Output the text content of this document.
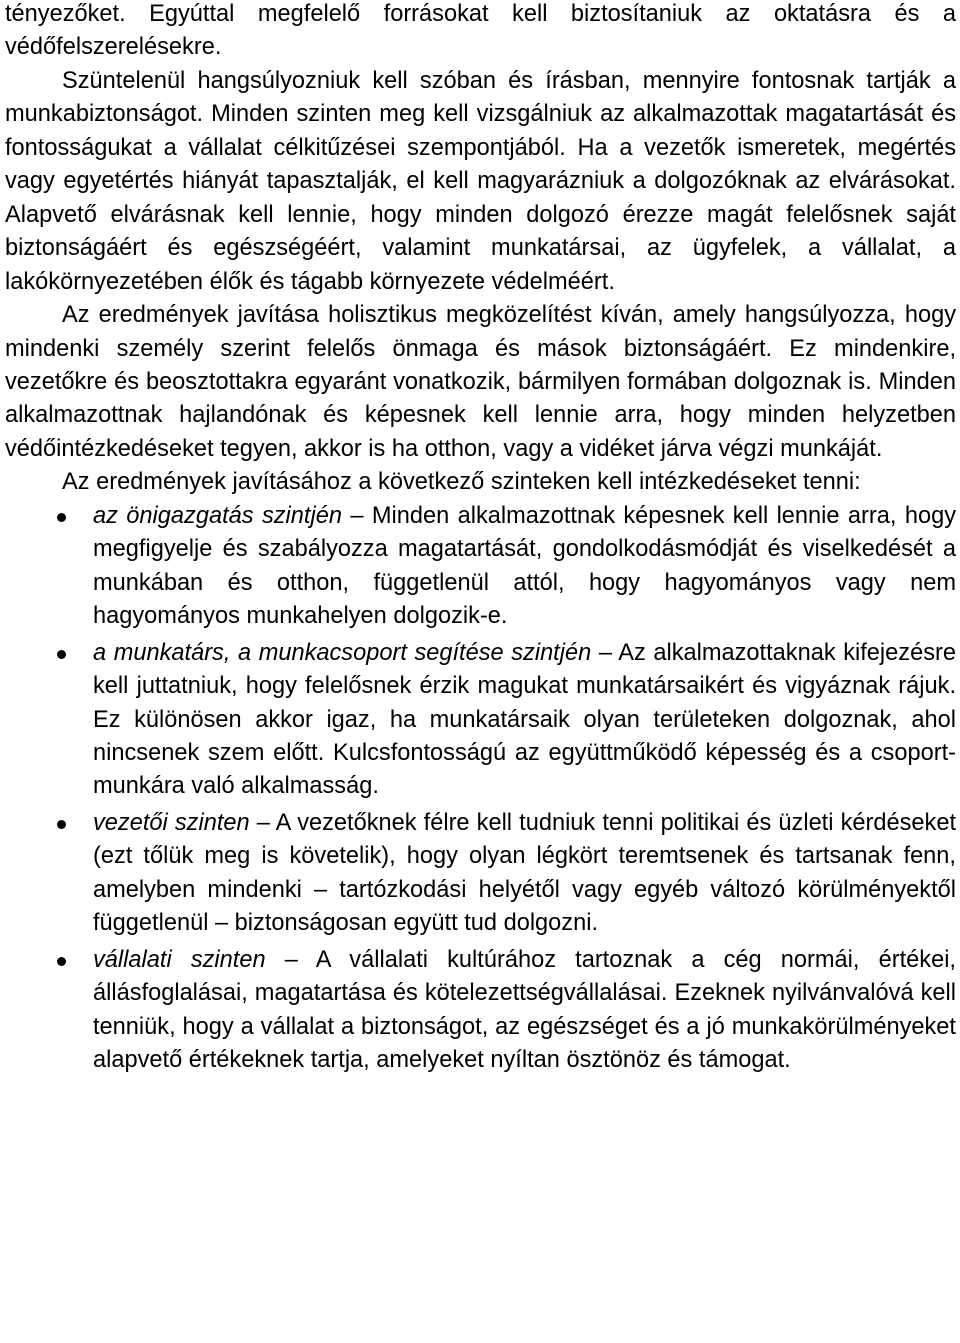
tényezőket. Egyúttal megfelelő forrásokat kell biztosítaniuk az oktatásra és a védőfelszerelésekre.

Szüntelenül hangsúlyozniuk kell szóban és írásban, mennyire fontosnak tartják a munkabiztonságot. Minden szinten meg kell vizsgálniuk az alkalmazottak magatartását és fontosságukat a vállalat célkitűzései szempontjából. Ha a vezetők ismeretek, megértés vagy egyetértés hiányát tapasztalják, el kell magyarázniuk a dolgozóknak az elvárásokat. Alapvető elvárásnak kell lennie, hogy minden dolgozó érezze magát felelősnek saját biztonságáért és egészségéért, valamint munkatársai, az ügyfelek, a vállalat, a lakókörnyezetében élők és tágabb környezete védelméért.

Az eredmények javítása holisztikus megközelítést kíván, amely hangsúlyozza, hogy mindenki személy szerint felelős önmaga és mások biztonságáért. Ez mindenkire, vezetőkre és beosztottakra egyaránt vonatkozik, bármilyen formában dolgoznak is. Minden alkalmazottnak hajlandónak és képesnek kell lennie arra, hogy minden helyzetben védőintézkedéseket tegyen, akkor is ha otthon, vagy a vidéket járva végzi munkáját.

Az eredmények javításához a következő szinteken kell intézkedéseket tenni:

az önigazgatás szintjén – Minden alkalmazottnak képesnek kell lennie arra, hogy megfigyelje és szabályozza magatartását, gondolkodásmódját és viselkedését a munkában és otthon, függetlenül attól, hogy hagyományos vagy nem hagyományos munkahelyen dolgozik-e.
a munkatárs, a munkacsoport segítése szintjén – Az alkalmazottaknak kifejezésre kell juttatniuk, hogy felelősnek érzik magukat munkatársaikért és vigyáznak rájuk. Ez különösen akkor igaz, ha munkatársaik olyan területeken dolgoznak, ahol nincsenek szem előtt. Kulcsfontosságú az együttműködő képesség és a csoportmunkára való alkalmasság.
vezetői szinten – A vezetőknek félre kell tudniuk tenni politikai és üzleti kérdéseket (ezt tőlük meg is követelik), hogy olyan légkört teremtsenek és tartsanak fenn, amelyben mindenki – tartózkodási helyétől vagy egyéb változó körülményektől függetlenül – biztonságosan együtt tud dolgozni.
vállalati szinten – A vállalati kultúrához tartoznak a cég normái, értékei, állásfoglalásai, magatartása és kötelezettségvállalásai. Ezeknek nyilvánvalóvá kell tenniük, hogy a vállalat a biztonságot, az egészséget és a jó munkakörülményeket alapvető értékeknek tartja, amelyeket nyíltan ösztönöz és támogat.
